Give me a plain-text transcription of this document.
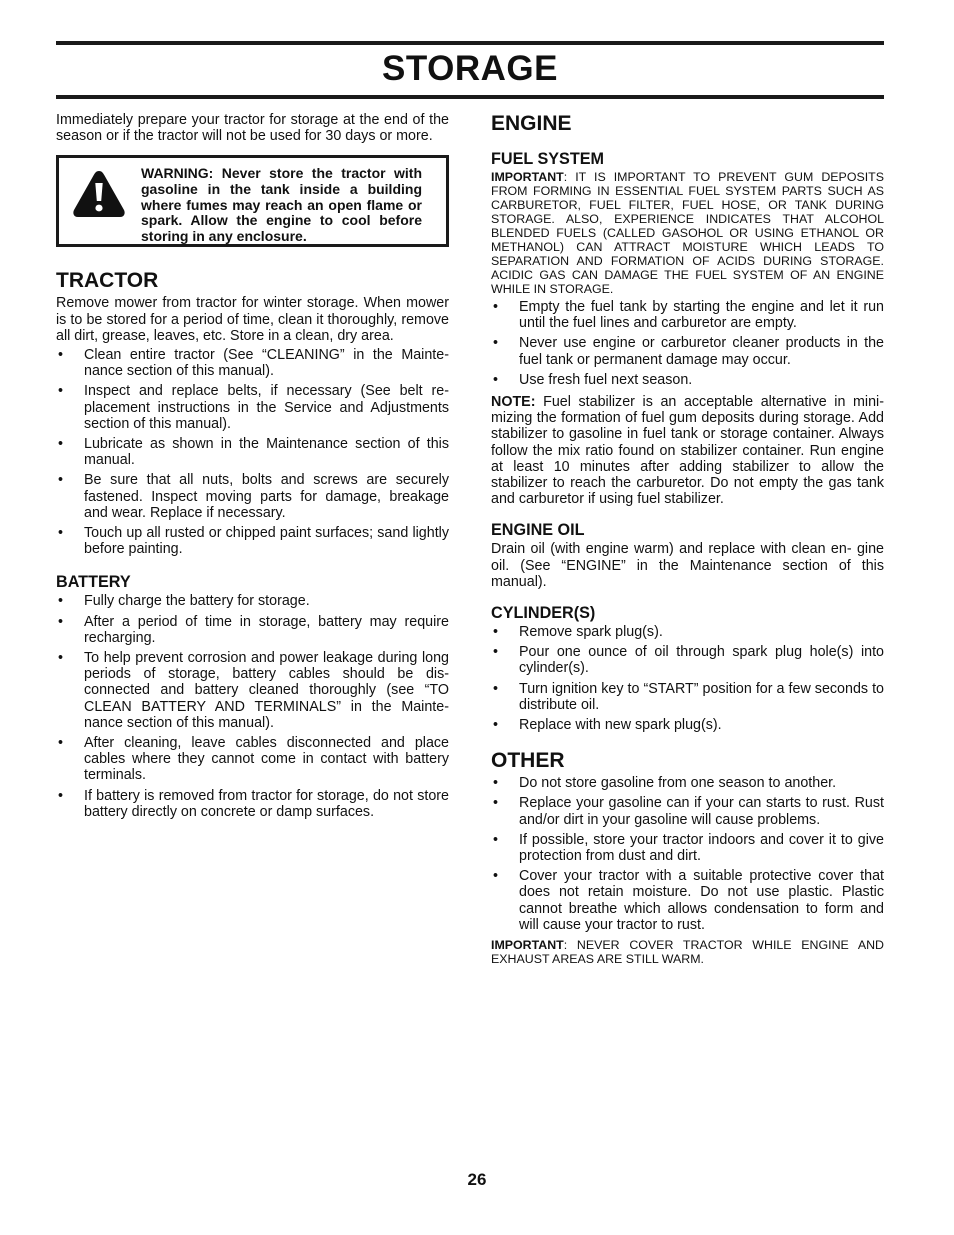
STORAGE

Immediately prepare your tractor for storage at the end of the season or if the tractor will not be used for 30 days or more.

WARNING: Never store the tractor with gasoline in the tank inside a building where fumes may reach an open flame or spark. Allow the engine to cool before storing in any enclosure.
TRACTOR

Remove mower from tractor for winter storage. When mower is to be stored for a period of time, clean it thoroughly, remove all dirt, grease, leaves, etc. Store in a clean, dry area.

• Clean entire tractor (See “CLEANING” in the Mainte- nance section of this manual).
• Inspect and replace belts, if necessary (See belt re- placement instructions in the Service and Adjustments section of this manual).
• Lubricate as shown in the Maintenance section of this manual.
• Be sure that all nuts, bolts and screws are securely fastened. Inspect moving parts for damage, breakage and wear. Replace if necessary.
• Touch up all rusted or chipped paint surfaces; sand lightly before painting.
BATTERY
• Fully charge the battery for storage.
• After a period of time in storage, battery may require recharging.
• To help prevent corrosion and power leakage during long periods of storage, battery cables should be dis- connected and battery cleaned thoroughly (see “TO CLEAN BATTERY AND TERMINALS” in the Mainte- nance section of this manual).
• After cleaning, leave cables disconnected and place cables where they cannot come in contact with battery terminals.
• If battery is removed from tractor for storage, do not store battery directly on concrete or damp surfaces.
ENGINE
FUEL SYSTEM

IMPORTANT: IT IS IMPORTANT TO PREVENT GUM DEPOSITS FROM FORMING IN ESSENTIAL FUEL SYSTEM PARTS SUCH AS CARBURETOR, FUEL FILTER, FUEL HOSE, OR TANK DURING STORAGE. ALSO, EXPERIENCE INDICATES THAT ALCOHOL BLENDED FUELS (CALLED GASOHOL OR USING ETHANOL OR METHANOL) CAN ATTRACT MOISTURE WHICH LEADS TO SEPARATION AND FORMATION OF ACIDS DURING STORAGE. ACIDIC GAS CAN DAMAGE THE FUEL SYSTEM OF AN ENGINE WHILE IN STORAGE.

• Empty the fuel tank by starting the engine and let it run until the fuel lines and carburetor are empty.
• Never use engine or carburetor cleaner products in the fuel tank or permanent damage may occur.
• Use fresh fuel next season.

NOTE: Fuel stabilizer is an acceptable alternative in mini- mizing the formation of fuel gum deposits during storage. Add stabilizer to gasoline in fuel tank or storage container. Always follow the mix ratio found on stabilizer container. Run engine at least 10 minutes after adding stabilizer to allow the stabilizer to reach the carburetor. Do not empty the gas tank and carburetor if using fuel stabilizer.

ENGINE OIL

Drain oil (with engine warm) and replace with clean en- gine oil. (See “ENGINE” in the Maintenance section of this manual).

CYLINDER(S)
• Remove spark plug(s).
• Pour one ounce of oil through spark plug hole(s) into cylinder(s).
• Turn ignition key to “START” position for a few seconds to distribute oil.
• Replace with new spark plug(s).
OTHER
• Do not store gasoline from one season to another.
• Replace your gasoline can if your can starts to rust. Rust and/or dirt in your gasoline will cause problems.
• If possible, store your tractor indoors and cover it to give protection from dust and dirt.
• Cover your tractor with a suitable protective cover that does not retain moisture. Do not use plastic. Plastic cannot breathe which allows condensation to form and will cause your tractor to rust.

IMPORTANT: NEVER COVER TRACTOR WHILE ENGINE AND EXHAUST AREAS ARE STILL WARM.

26
